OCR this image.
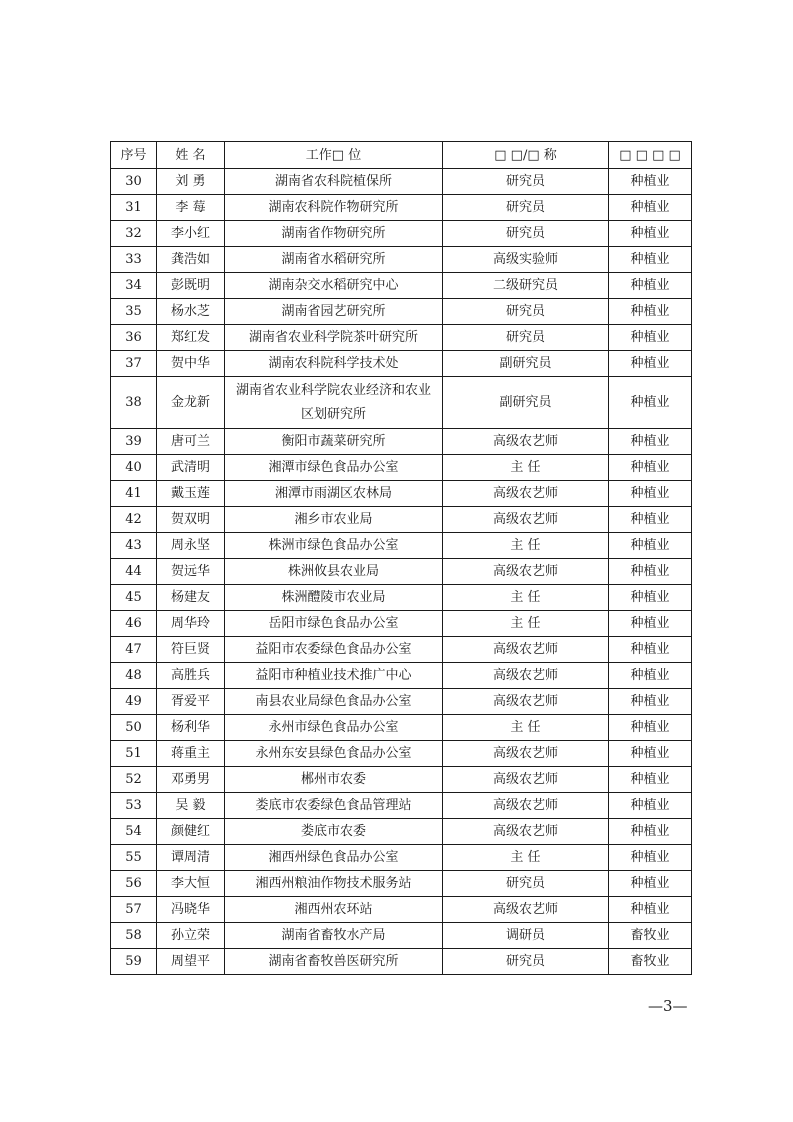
序号	姓 名	工作□ 位	□ □/□ 称	□ □ □ □
30	刘 勇	湖南省农科院植保所	研究员	种植业
31	李 莓	湖南农科院作物研究所	研究员	种植业
32	李小红	湖南省作物研究所	研究员	种植业
33	龚浩如	湖南省水稻研究所	高级实验师	种植业
34	彭既明	湖南杂交水稻研究中心	二级研究员	种植业
35	杨水芝	湖南省园艺研究所	研究员	种植业
36	郑红发	湖南省农业科学院茶叶研究所	研究员	种植业
37	贺中华	湖南农科院科学技术处	副研究员	种植业
38	金龙新	湖南省农业科学院农业经济和农业区划研究所	副研究员	种植业
39	唐可兰	衡阳市蔬菜研究所	高级农艺师	种植业
40	武清明	湘潭市绿色食品办公室	主 任	种植业
41	戴玉莲	湘潭市雨湖区农林局	高级农艺师	种植业
42	贺双明	湘乡市农业局	高级农艺师	种植业
43	周永坚	株洲市绿色食品办公室	主 任	种植业
44	贺远华	株洲攸县农业局	高级农艺师	种植业
45	杨建友	株洲醴陵市农业局	主 任	种植业
46	周华玲	岳阳市绿色食品办公室	主 任	种植业
47	符巨贤	益阳市农委绿色食品办公室	高级农艺师	种植业
48	高胜兵	益阳市种植业技术推广中心	高级农艺师	种植业
49	胥爱平	南县农业局绿色食品办公室	高级农艺师	种植业
50	杨利华	永州市绿色食品办公室	主 任	种植业
51	蒋重主	永州东安县绿色食品办公室	高级农艺师	种植业
52	邓勇男	郴州市农委	高级农艺师	种植业
53	吴 毅	娄底市农委绿色食品管理站	高级农艺师	种植业
54	颜健红	娄底市农委	高级农艺师	种植业
55	谭周清	湘西州绿色食品办公室	主 任	种植业
56	李大恒	湘西州粮油作物技术服务站	研究员	种植业
57	冯晓华	湘西州农环站	高级农艺师	种植业
58	孙立荣	湖南省畜牧水产局	调研员	畜牧业
59	周望平	湖南省畜牧兽医研究所	研究员	畜牧业
—3—
